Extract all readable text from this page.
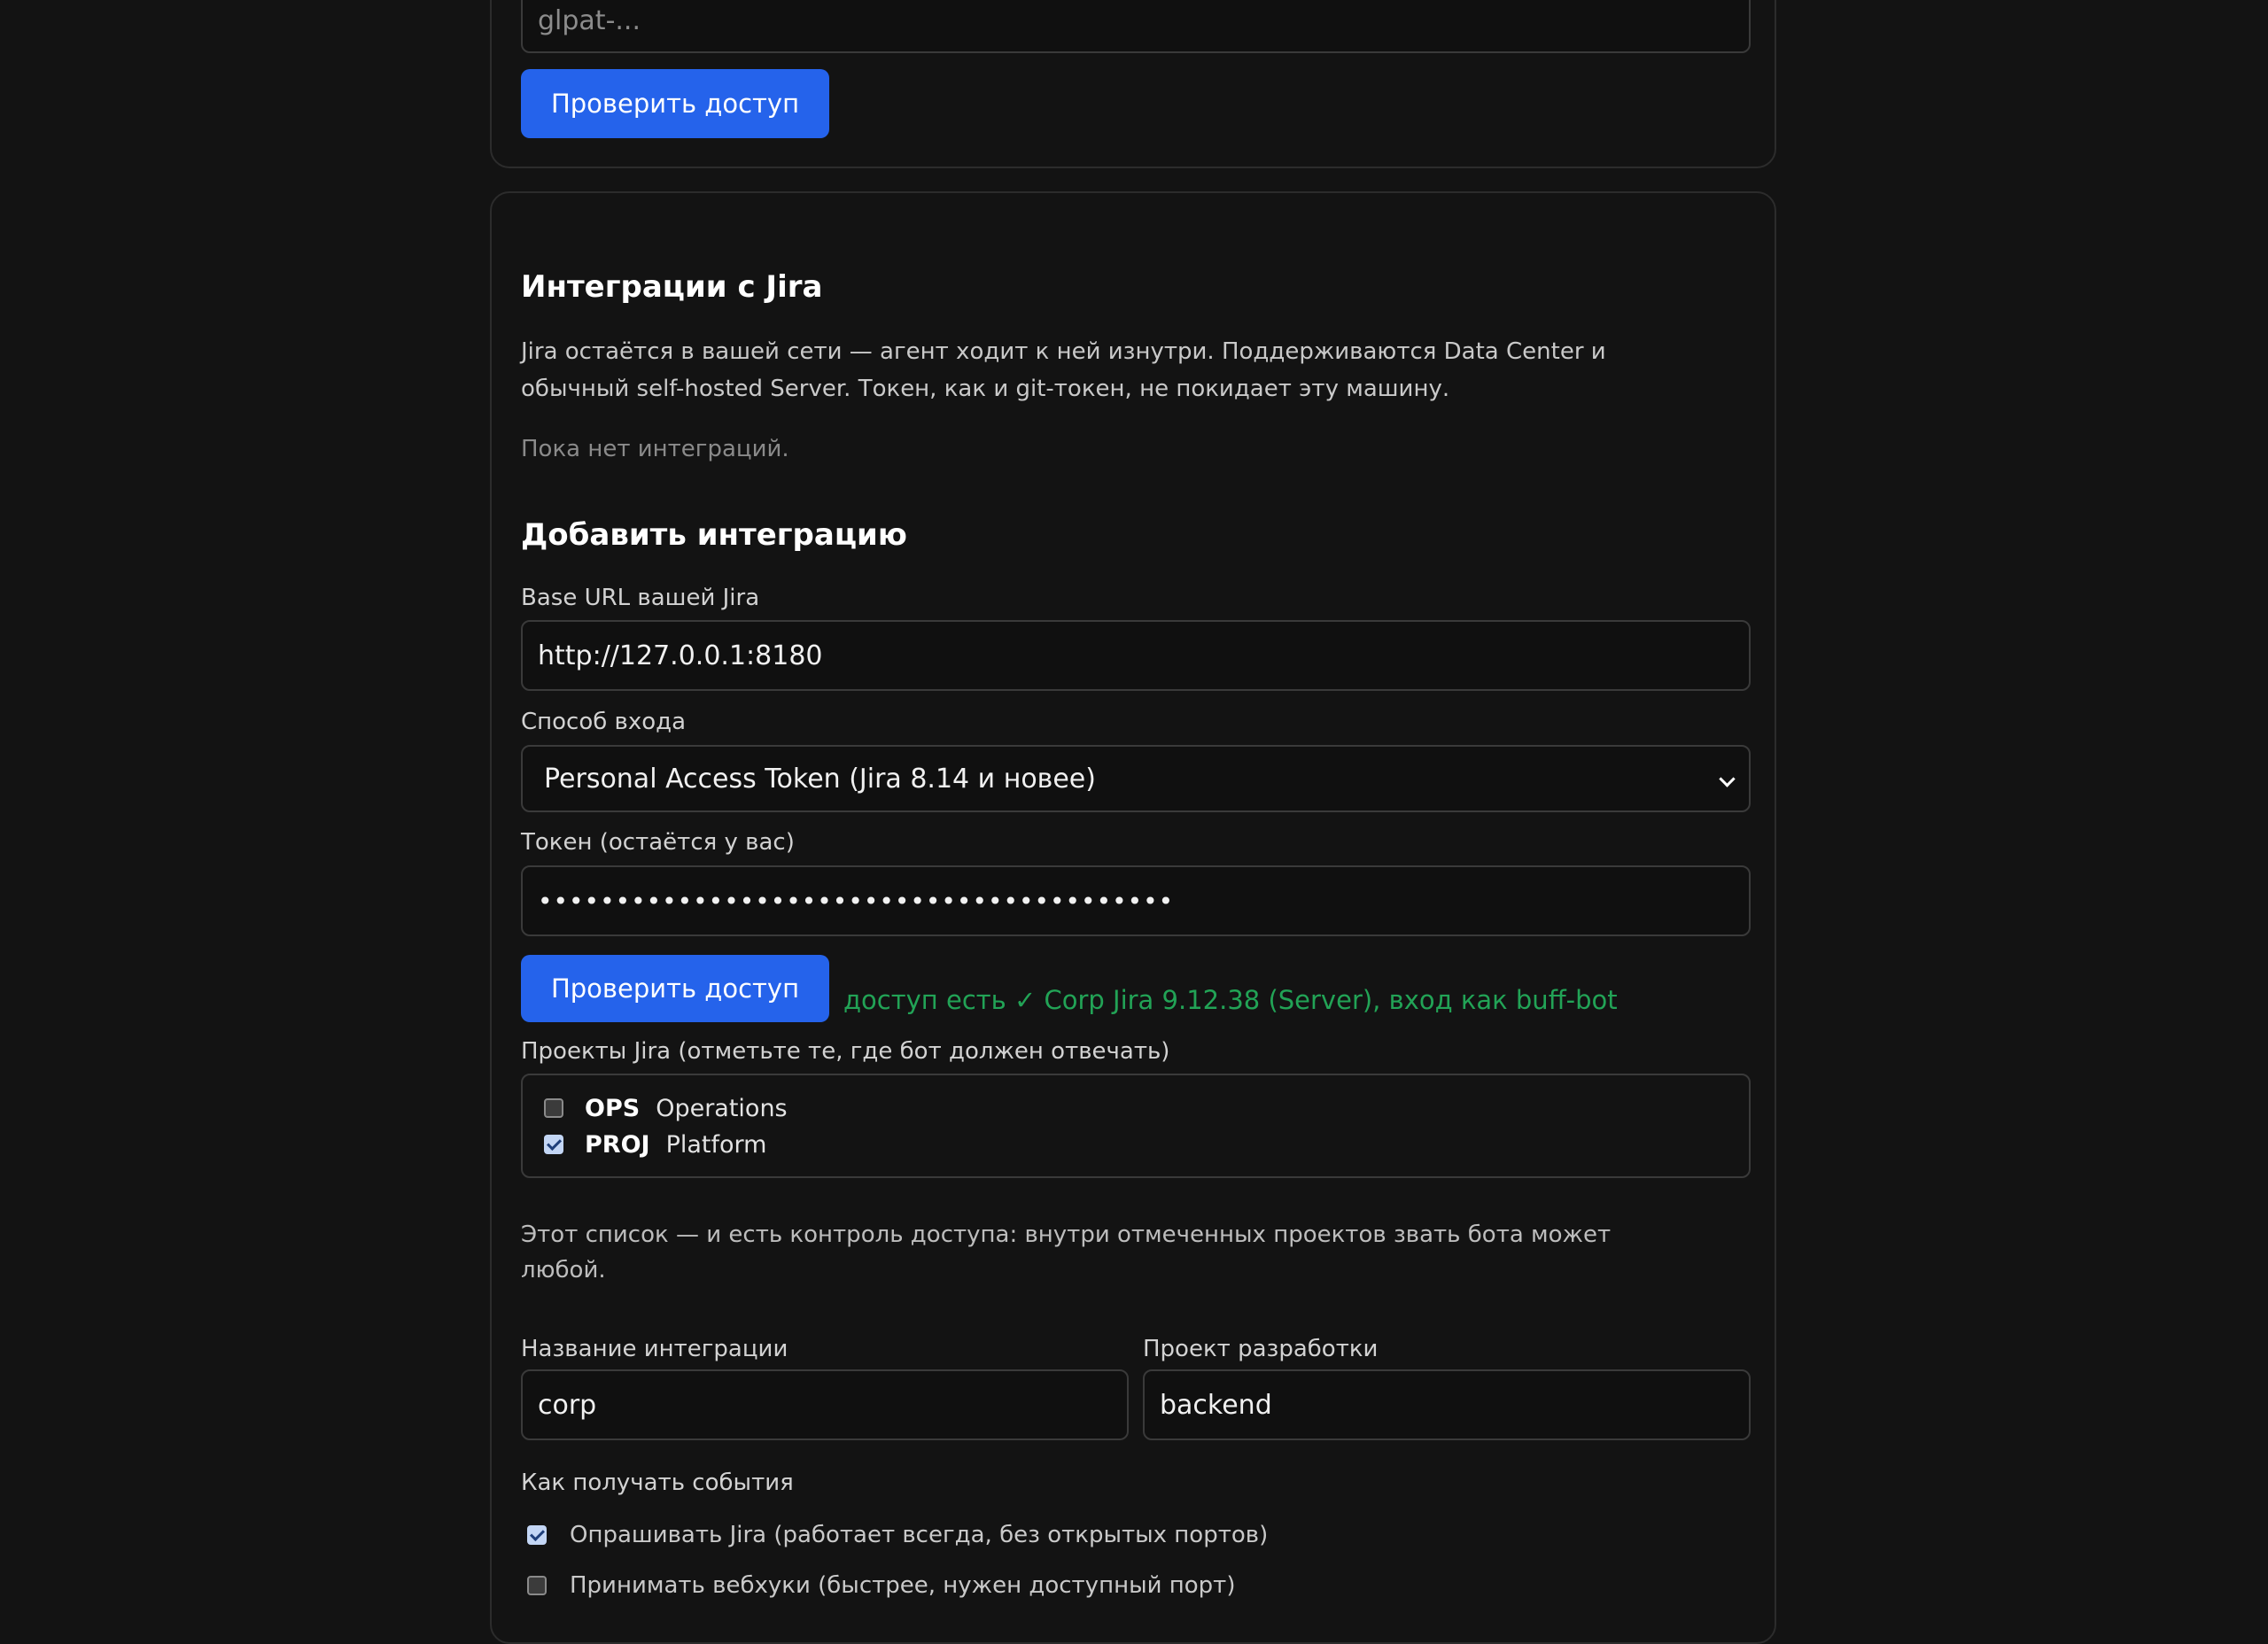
glpat-...
Проверить доступ
Интеграции с Jira
Jira остаётся в вашей сети — агент ходит к ней изнутри. Поддерживаются Data Center и
обычный self-hosted Server. Токен, как и git-токен, не покидает эту машину.
Пока нет интеграций.
Добавить интеграцию
Base URL вашей Jira
http://127.0.0.1:8180
Способ входа
Personal Access Token (Jira 8.14 и новее)
Токен (остаётся у вас)
•••••••••••••••••••••••••••••••••••••••••
Проверить доступ	доступ есть ✓ Corp Jira 9.12.38 (Server), вход как buff-bot
Проекты Jira (отметьте те, где бот должен отвечать)
OPS Operations
PROJ Platform
Этот список — и есть контроль доступа: внутри отмеченных проектов звать бота может
любой.
Название интеграции
corp
Проект разработки
backend
Как получать события
Опрашивать Jira (работает всегда, без открытых портов)
Принимать вебхуки (быстрее, нужен доступный порт)
